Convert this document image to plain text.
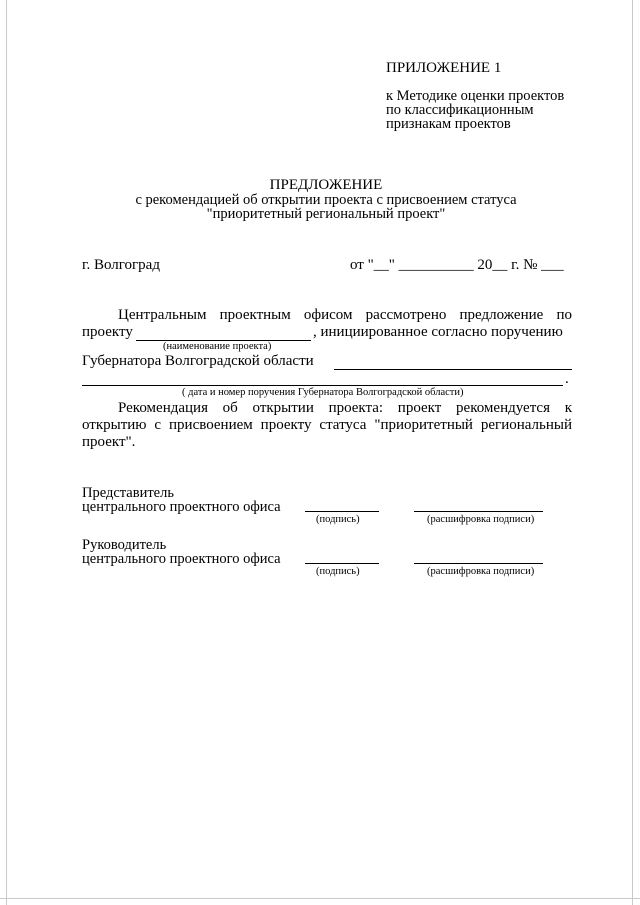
ПРИЛОЖЕНИЕ 1
к Методике оценки проектов
по классификационным
признакам проектов
ПРЕДЛОЖЕНИЕ
с рекомендацией об открытии проекта с присвоением статуса
"приоритетный региональный проект"
г. Волгоград	от "__" __________ 20__ г. № ___
Центральным проектным офисом рассмотрено предложение по
проекту	, инициированное согласно поручению
(наименование проекта)
Губернатора Волгоградской области
.
( дата и номер поручения Губернатора Волгоградской области)
Рекомендация об открытии проекта: проект рекомендуется к
открытию с присвоением проекту статуса "приоритетный региональный
проект".
Представитель
центрального проектного офиса
(подпись)	(расшифровка подписи)
Руководитель
центрального проектного офиса
(подпись)	(расшифровка подписи)
